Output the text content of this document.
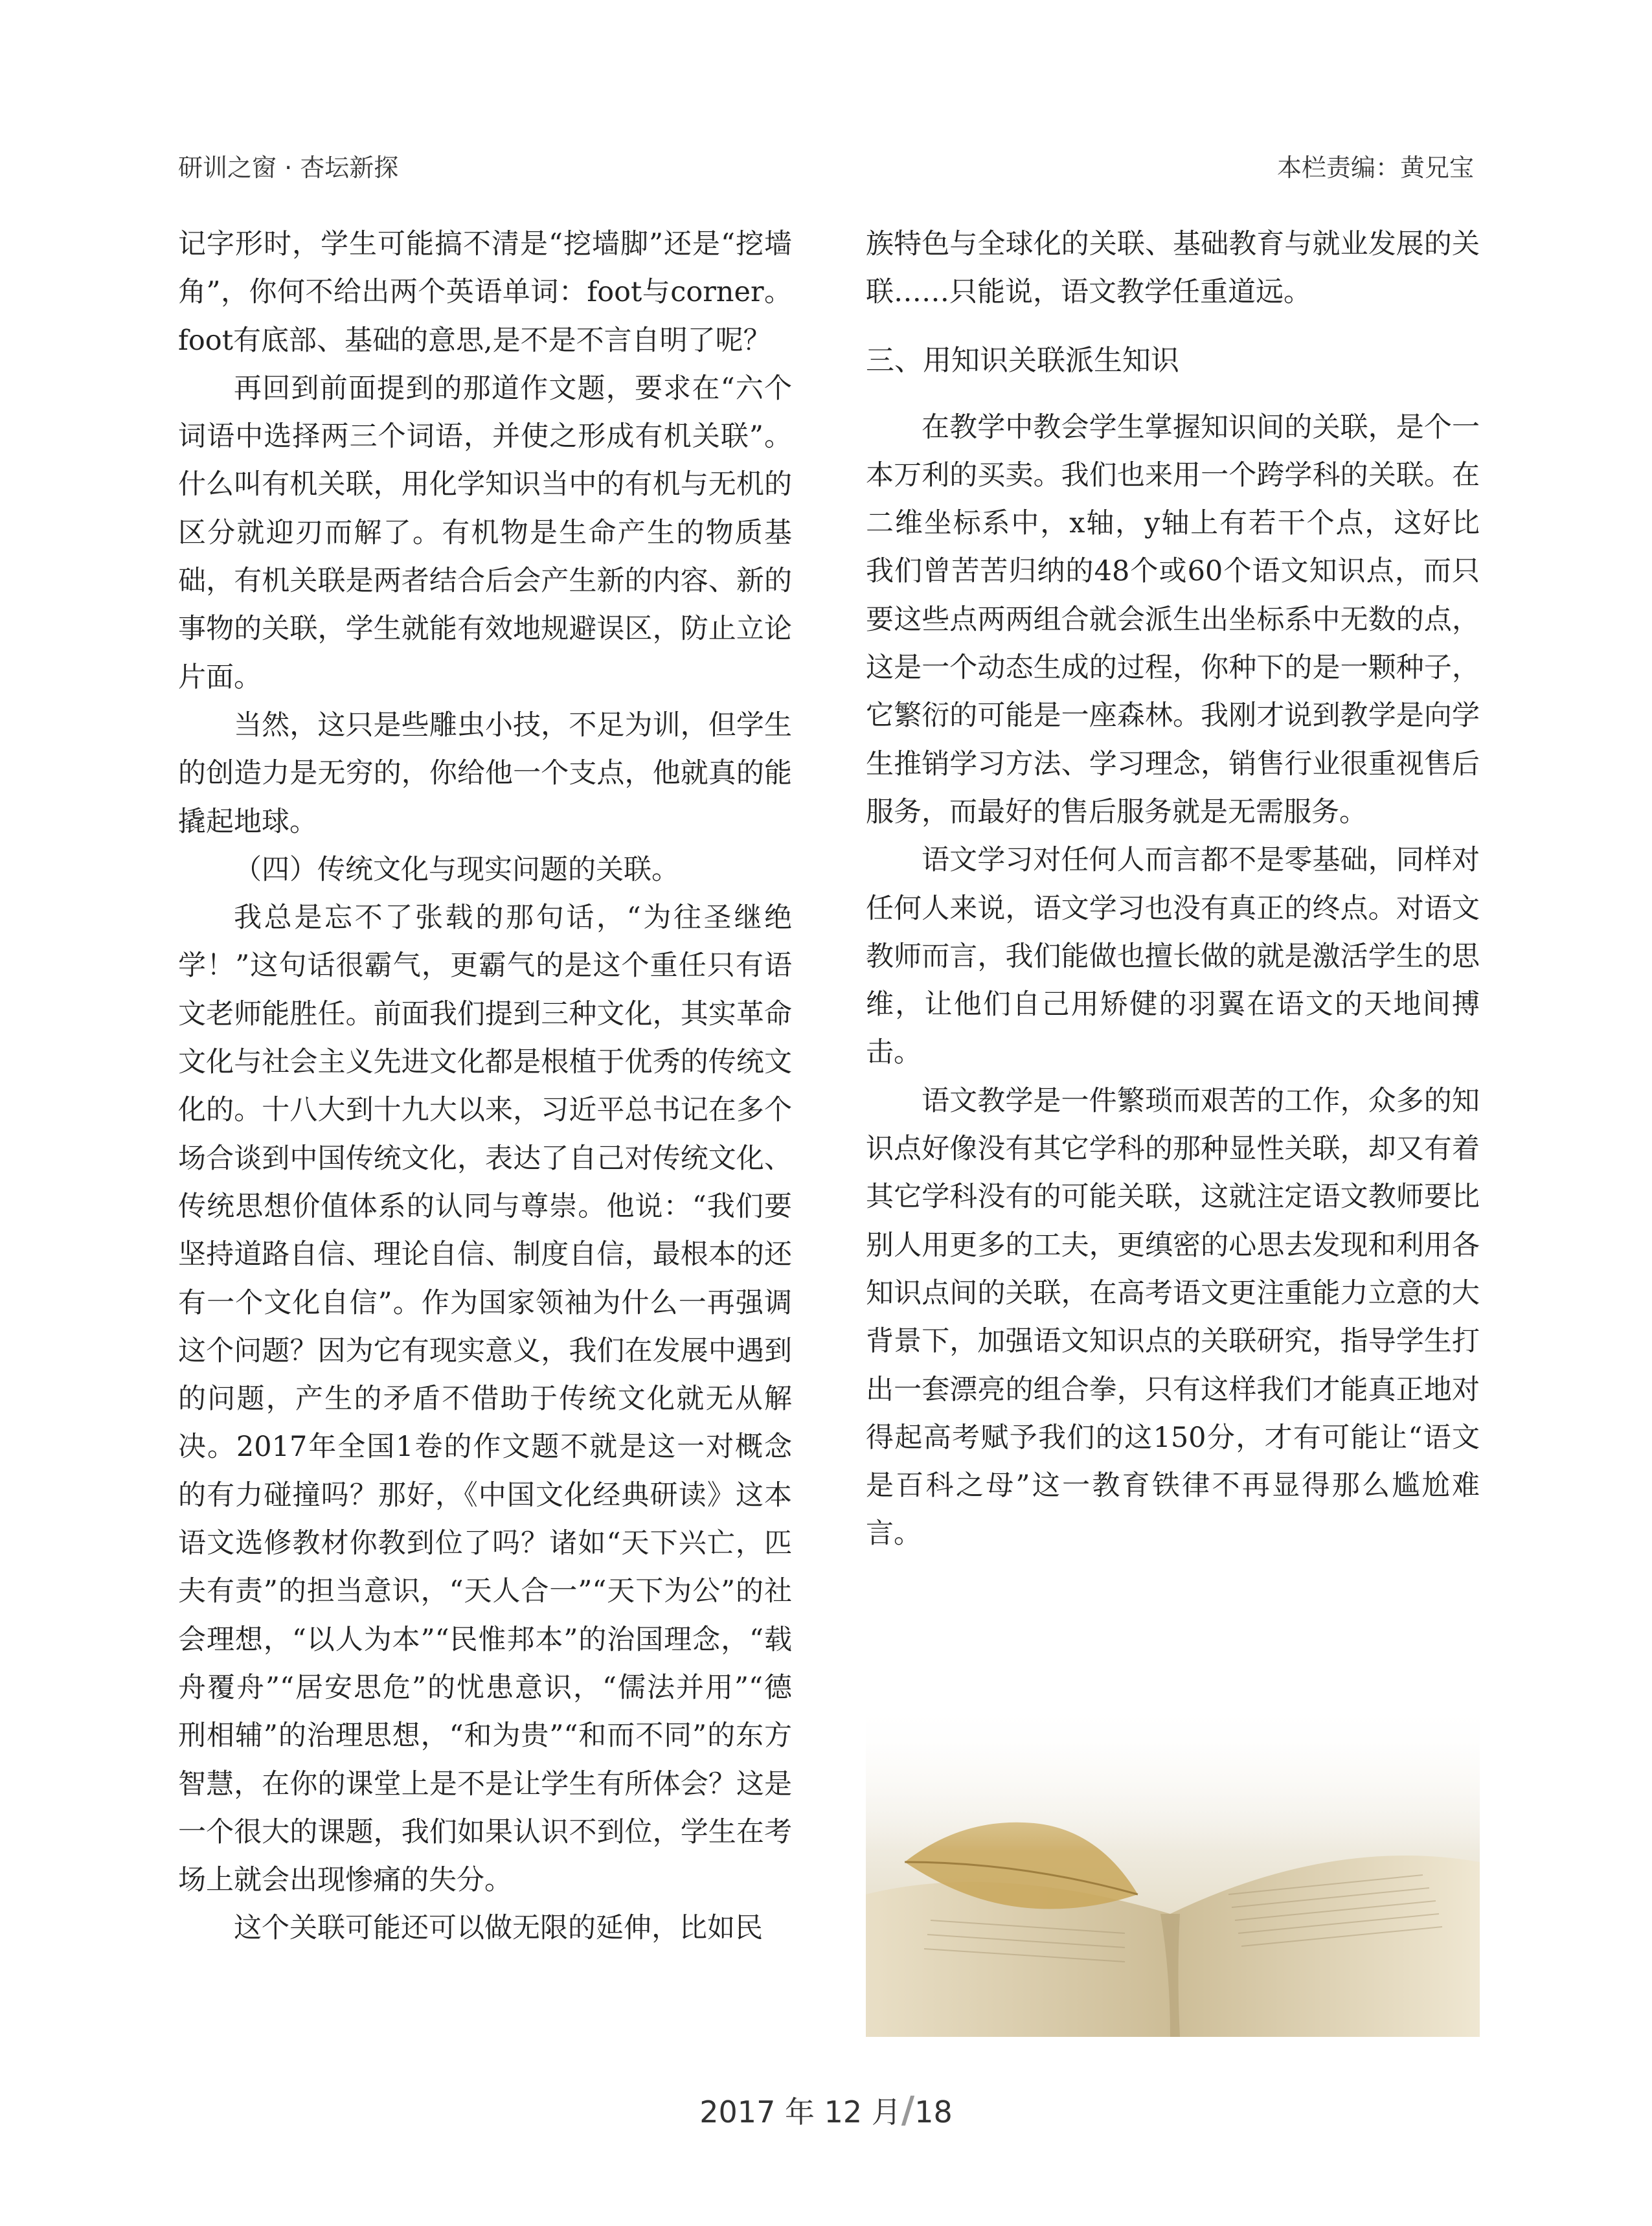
研训之窗 · 杏坛新探	本栏责编：黄兄宝

记字形时，学生可能搞不清是“挖墙脚”还是“挖墙角”，你何不给出两个英语单词：foot与corner。foot有底部、基础的意思,是不是不言自明了呢？

再回到前面提到的那道作文题，要求在“六个词语中选择两三个词语，并使之形成有机关联”。什么叫有机关联，用化学知识当中的有机与无机的区分就迎刃而解了。有机物是生命产生的物质基础，有机关联是两者结合后会产生新的内容、新的事物的关联，学生就能有效地规避误区，防止立论片面。

当然，这只是些雕虫小技，不足为训，但学生的创造力是无穷的，你给他一个支点，他就真的能撬起地球。

（四）传统文化与现实问题的关联。

我总是忘不了张载的那句话，“为往圣继绝学！”这句话很霸气，更霸气的是这个重任只有语文老师能胜任。前面我们提到三种文化，其实革命文化与社会主义先进文化都是根植于优秀的传统文化的。十八大到十九大以来，习近平总书记在多个场合谈到中国传统文化，表达了自己对传统文化、传统思想价值体系的认同与尊崇。他说：“我们要坚持道路自信、理论自信、制度自信，最根本的还有一个文化自信”。作为国家领袖为什么一再强调这个问题？因为它有现实意义，我们在发展中遇到的问题，产生的矛盾不借助于传统文化就无从解决。2017年全国1卷的作文题不就是这一对概念的有力碰撞吗？那好，《中国文化经典研读》这本语文选修教材你教到位了吗？诸如“天下兴亡，匹夫有责”的担当意识，“天人合一”“天下为公”的社会理想，“以人为本”“民惟邦本”的治国理念，“载舟覆舟”“居安思危”的忧患意识，“儒法并用”“德刑相辅”的治理思想，“和为贵”“和而不同”的东方智慧，在你的课堂上是不是让学生有所体会？这是一个很大的课题，我们如果认识不到位，学生在考场上就会出现惨痛的失分。

这个关联可能还可以做无限的延伸，比如民

族特色与全球化的关联、基础教育与就业发展的关联……只能说，语文教学任重道远。

三、用知识关联派生知识

在教学中教会学生掌握知识间的关联，是个一本万利的买卖。我们也来用一个跨学科的关联。在二维坐标系中，x轴，y轴上有若干个点，这好比我们曾苦苦归纳的48个或60个语文知识点，而只要这些点两两组合就会派生出坐标系中无数的点，这是一个动态生成的过程，你种下的是一颗种子，它繁衍的可能是一座森林。我刚才说到教学是向学生推销学习方法、学习理念，销售行业很重视售后服务，而最好的售后服务就是无需服务。

语文学习对任何人而言都不是零基础，同样对任何人来说，语文学习也没有真正的终点。对语文教师而言，我们能做也擅长做的就是激活学生的思维，让他们自己用矫健的羽翼在语文的天地间搏击。

语文教学是一件繁琐而艰苦的工作，众多的知识点好像没有其它学科的那种显性关联，却又有着其它学科没有的可能关联，这就注定语文教师要比别人用更多的工夫，更缜密的心思去发现和利用各知识点间的关联，在高考语文更注重能力立意的大背景下，加强语文知识点的关联研究，指导学生打出一套漂亮的组合拳，只有这样我们才能真正地对得起高考赋予我们的这150分，才有可能让“语文是百科之母”这一教育铁律不再显得那么尴尬难言。

2017 年 12 月/18
